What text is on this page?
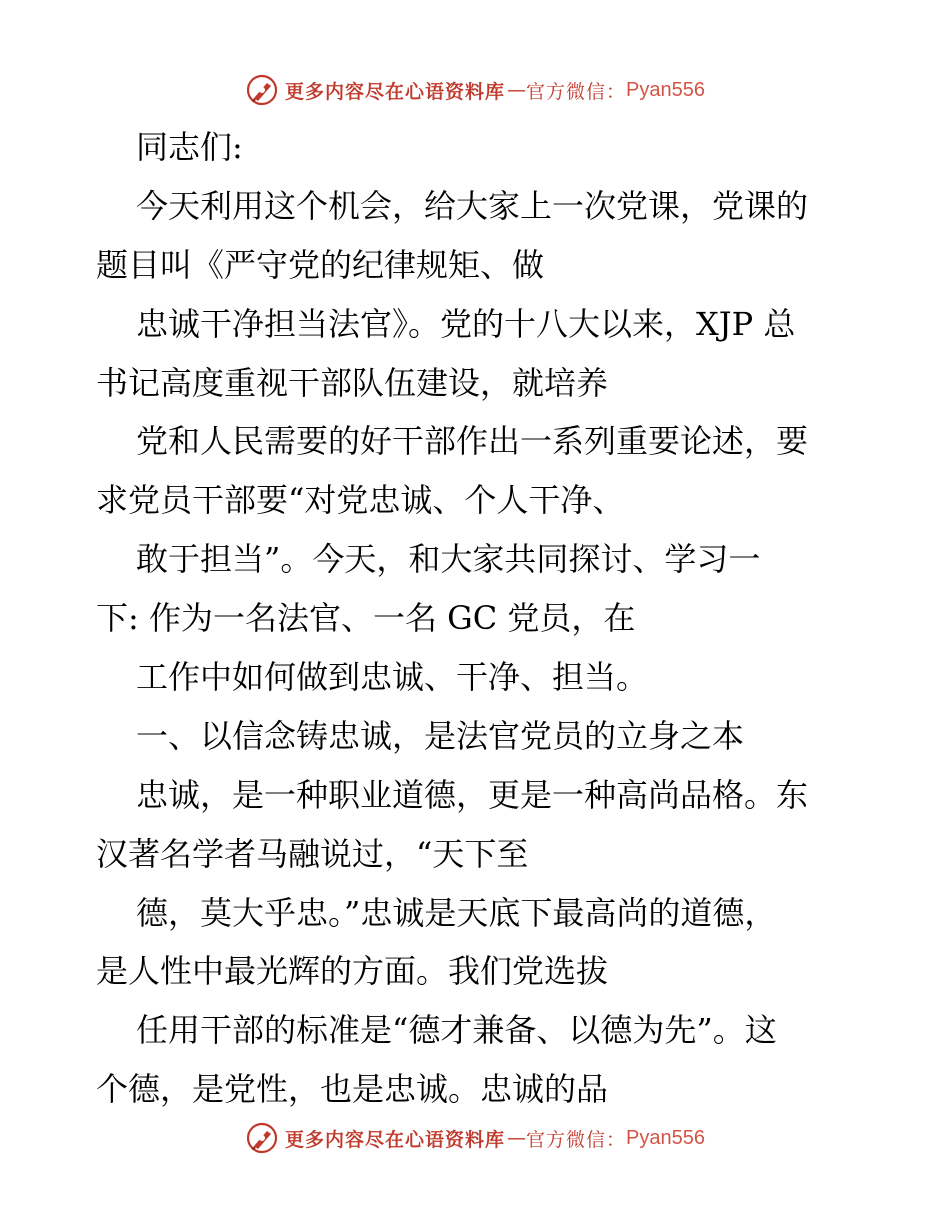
更多内容尽在心语资料库 — 官方微信： Pyan556
同志们:
今天利用这个机会，给大家上一次党课，党课的
题目叫《严守党的纪律规矩、做
忠诚干净担当法官》。党的十八大以来，XJP 总
书记高度重视干部队伍建设，就培养
党和人民需要的好干部作出一系列重要论述，要
求党员干部要“对党忠诚、个人干净、
敢于担当”。今天，和大家共同探讨、学习一
下: 作为一名法官、一名 GC 党员，在
工作中如何做到忠诚、干净、担当。
一、以信念铸忠诚，是法官党员的立身之本
忠诚，是一种职业道德，更是一种高尚品格。东
汉著名学者马融说过，“天下至
德，莫大乎忠。”忠诚是天底下最高尚的道德，
是人性中最光辉的方面。我们党选拔
任用干部的标准是“德才兼备、以德为先”。这
个德，是党性，也是忠诚。忠诚的品
更多内容尽在心语资料库 — 官方微信： Pyan556
